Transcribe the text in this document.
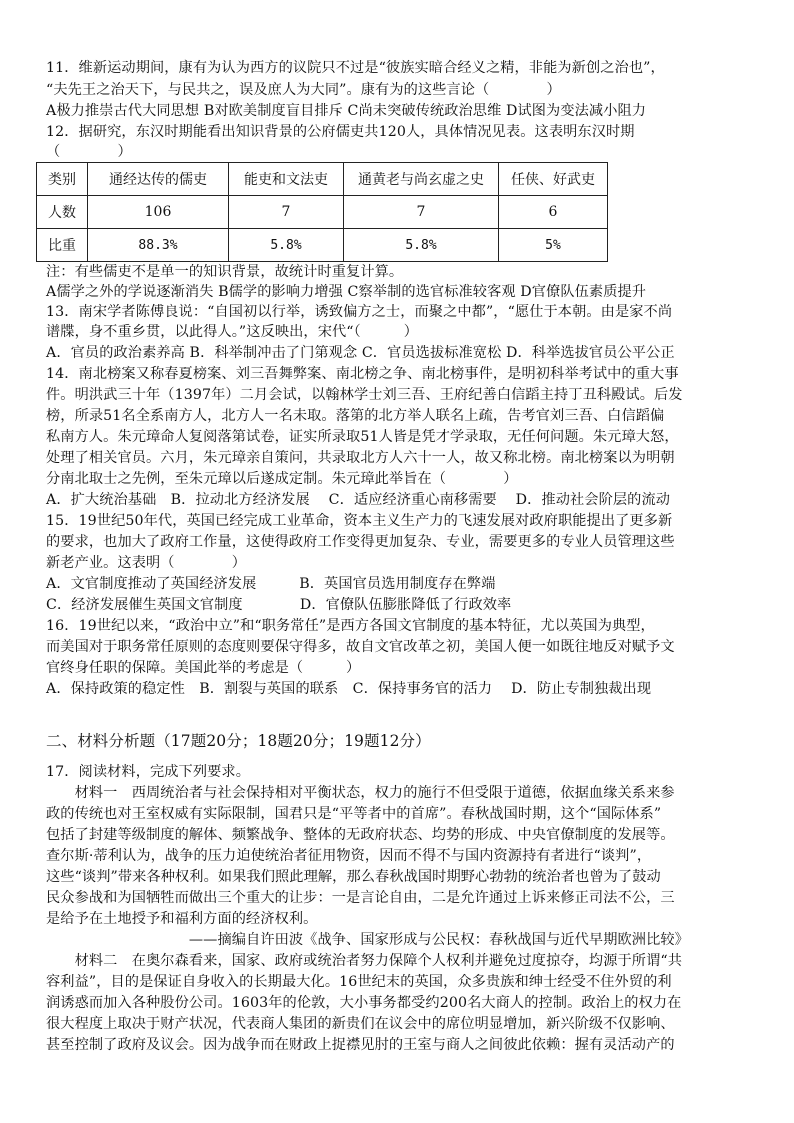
11．维新运动期间，康有为认为西方的议院只不过是“彼族实暗合经义之精，非能为新创之治也”，
“夫先王之治天下，与民共之，误及庶人为大同”。康有为的这些言论（　　　　）
A极力推崇古代大同思想 B对欧美制度盲目排斥 C尚未突破传统政治思维 D试图为变法减小阻力
12．据研究，东汉时期能看出知识背景的公府儒吏共120人，具体情况见表。这表明东汉时期
（　　　　）
类别	通经达传的儒吏	能吏和文法吏	通黄老与尚玄虚之史	任侠、好武吏
人数	106	7	7	6
比重	88.3%	5.8%	5.8%	5%
注：有些儒吏不是单一的知识背景，故统计时重复计算。
A儒学之外的学说逐渐消失 B儒学的影响力增强 C察举制的选官标准较客观 D官僚队伍素质提升
13．南宋学者陈傅良说：“自国初以行举，诱致偏方之士，而聚之中都”，“愿仕于本朝。由是家不尚
谱牒，身不重乡贯，以此得人。”这反映出，宋代“（　　　）
A．官员的政治素养高 B．科举制冲击了门第观念 C．官员选拔标准宽松 D．科举选拔官员公平公正
14．南北榜案又称春夏榜案、刘三吾舞弊案、南北榜之争、南北榜事件，是明初科举考试中的重大事
件。明洪武三十年（1397年）二月会试，以翰林学士刘三吾、王府纪善白信蹈主持丁丑科殿试。后发
榜，所录51名全系南方人，北方人一名未取。落第的北方举人联名上疏，告考官刘三吾、白信蹈偏
私南方人。朱元璋命人复阅落第试卷，证实所录取51人皆是凭才学录取，无任何问题。朱元璋大怒，
处理了相关官员。六月，朱元璋亲自策问，共录取北方人六十一人，故又称北榜。南北榜案以为明朝
分南北取士之先例，至朱元璋以后遂成定制。朱元璋此举旨在（　　　　）
A．扩大统治基础　B．拉动北方经济发展　 C．适应经济重心南移需要　 D．推动社会阶层的流动
15．19世纪50年代，英国已经完成工业革命，资本主义生产力的飞速发展对政府职能提出了更多新
的要求，也加大了政府工作量，这使得政府工作变得更加复杂、专业，需要更多的专业人员管理这些
新老产业。这表明（　　　　）
A．文官制度推动了英国经济发展　　　B．英国官员选用制度存在弊端
C．经济发展催生英国文官制度　　　　D．官僚队伍膨胀降低了行政效率
16．19世纪以来，“政治中立”和“职务常任”是西方各国文官制度的基本特征，尤以英国为典型，
而美国对于职务常任原则的态度则要保守得多，故自文官改革之初，美国人便一如既往地反对赋予文
官终身任职的保障。美国此举的考虑是（　　　）
A．保持政策的稳定性　B．割裂与英国的联系　C．保持事务官的活力　 D．防止专制独裁出现
二、材料分析题（17题20分；18题20分；19题12分）
17．阅读材料，完成下列要求。
　　材料一　西周统治者与社会保持相对平衡状态，权力的施行不但受限于道德，依据血缘关系来参
政的传统也对王室权威有实际限制，国君只是“平等者中的首席”。春秋战国时期，这个“国际体系”
包括了封建等级制度的解体、频繁战争、整体的无政府状态、均势的形成、中央官僚制度的发展等。
查尔斯·蒂利认为，战争的压力迫使统治者征用物资，因而不得不与国内资源持有者进行“谈判”，
这些“谈判”带来各种权利。如果我们照此理解，那么春秋战国时期野心勃勃的统治者也曾为了鼓动
民众参战和为国牺牲而做出三个重大的让步：一是言论自由，二是允许通过上诉来修正司法不公，三
是给予在土地授予和福利方面的经济权利。
　　　　　　　　　　——摘编自许田波《战争、国家形成与公民权：春秋战国与近代早期欧洲比较》
　　材料二　在奥尔森看来，国家、政府或统治者努力保障个人权利并避免过度掠夺，均源于所谓“共
容利益”，目的是保证自身收入的长期最大化。16世纪末的英国，众多贵族和绅士经受不住外贸的利
润诱惑而加入各种股份公司。1603年的伦敦，大小事务都受约200名大商人的控制。政治上的权力在
很大程度上取决于财产状况，代表商人集团的新贵们在议会中的席位明显增加，新兴阶级不仅影响、
甚至控制了政府及议会。因为战争而在财政上捉襟见肘的王室与商人之间彼此依赖：握有灵活动产的
